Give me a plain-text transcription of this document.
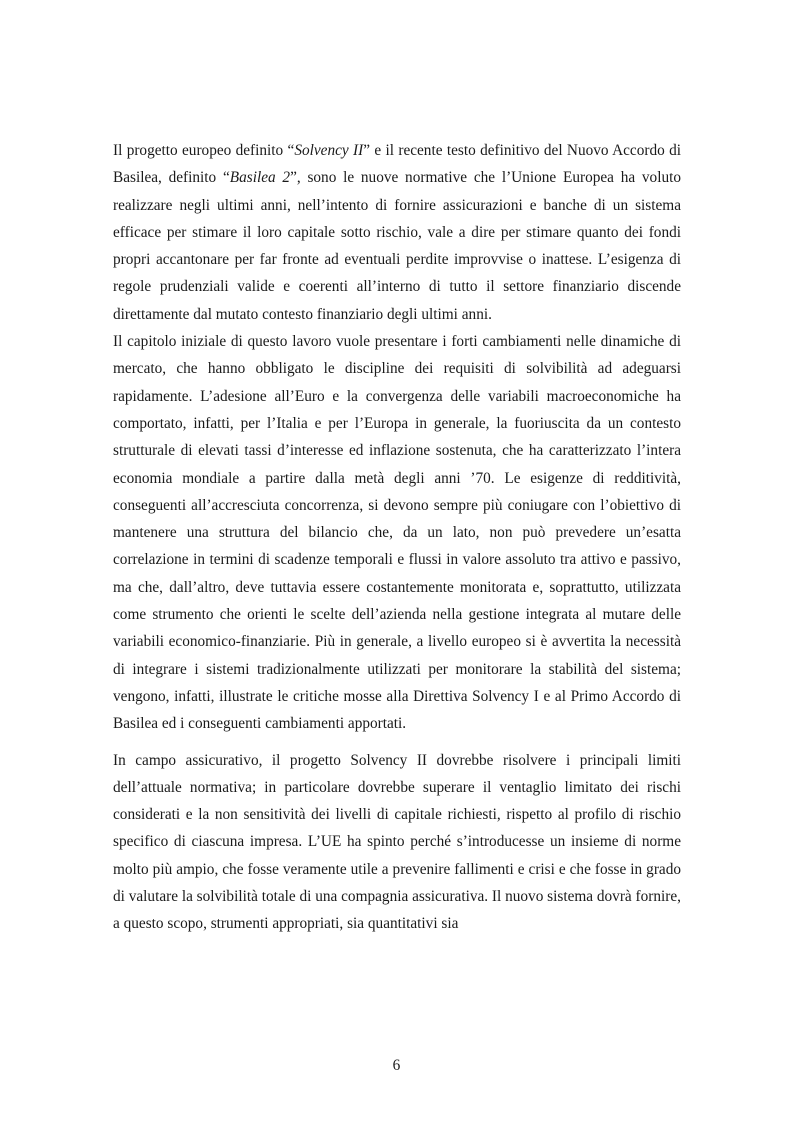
Il progetto europeo definito “Solvency II” e il recente testo definitivo del Nuovo Accordo di Basilea, definito “Basilea 2”, sono le nuove normative che l’Unione Europea ha voluto realizzare negli ultimi anni, nell’intento di fornire assicurazioni e banche di un sistema efficace per stimare il loro capitale sotto rischio, vale a dire per stimare quanto dei fondi propri accantonare per far fronte ad eventuali perdite improvvise o inattese. L’esigenza di regole prudenziali valide e coerenti all’interno di tutto il settore finanziario discende direttamente dal mutato contesto finanziario degli ultimi anni.

Il capitolo iniziale di questo lavoro vuole presentare i forti cambiamenti nelle dinamiche di mercato, che hanno obbligato le discipline dei requisiti di solvibilità ad adeguarsi rapidamente. L’adesione all’Euro e la convergenza delle variabili macroeconomiche ha comportato, infatti, per l’Italia e per l’Europa in generale, la fuoriuscita da un contesto strutturale di elevati tassi d’interesse ed inflazione sostenuta, che ha caratterizzato l’intera economia mondiale a partire dalla metà degli anni ’70. Le esigenze di redditività, conseguenti all’accresciuta concorrenza, si devono sempre più coniugare con l’obiettivo di mantenere una struttura del bilancio che, da un lato, non può prevedere un’esatta correlazione in termini di scadenze temporali e flussi in valore assoluto tra attivo e passivo, ma che, dall’altro, deve tuttavia essere costantemente monitorata e, soprattutto, utilizzata come strumento che orienti le scelte dell’azienda nella gestione integrata al mutare delle variabili economico-finanziarie. Più in generale, a livello europeo si è avvertita la necessità di integrare i sistemi tradizionalmente utilizzati per monitorare la stabilità del sistema; vengono, infatti, illustrate le critiche mosse alla Direttiva Solvency I e al Primo Accordo di Basilea ed i conseguenti cambiamenti apportati.

In campo assicurativo, il progetto Solvency II dovrebbe risolvere i principali limiti dell’attuale normativa; in particolare dovrebbe superare il ventaglio limitato dei rischi considerati e la non sensitività dei livelli di capitale richiesti, rispetto al profilo di rischio specifico di ciascuna impresa. L’UE ha spinto perché s’introducesse un insieme di norme molto più ampio, che fosse veramente utile a prevenire fallimenti e crisi e che fosse in grado di valutare la solvibilità totale di una compagnia assicurativa. Il nuovo sistema dovrà fornire, a questo scopo, strumenti appropriati, sia quantitativi sia

6
